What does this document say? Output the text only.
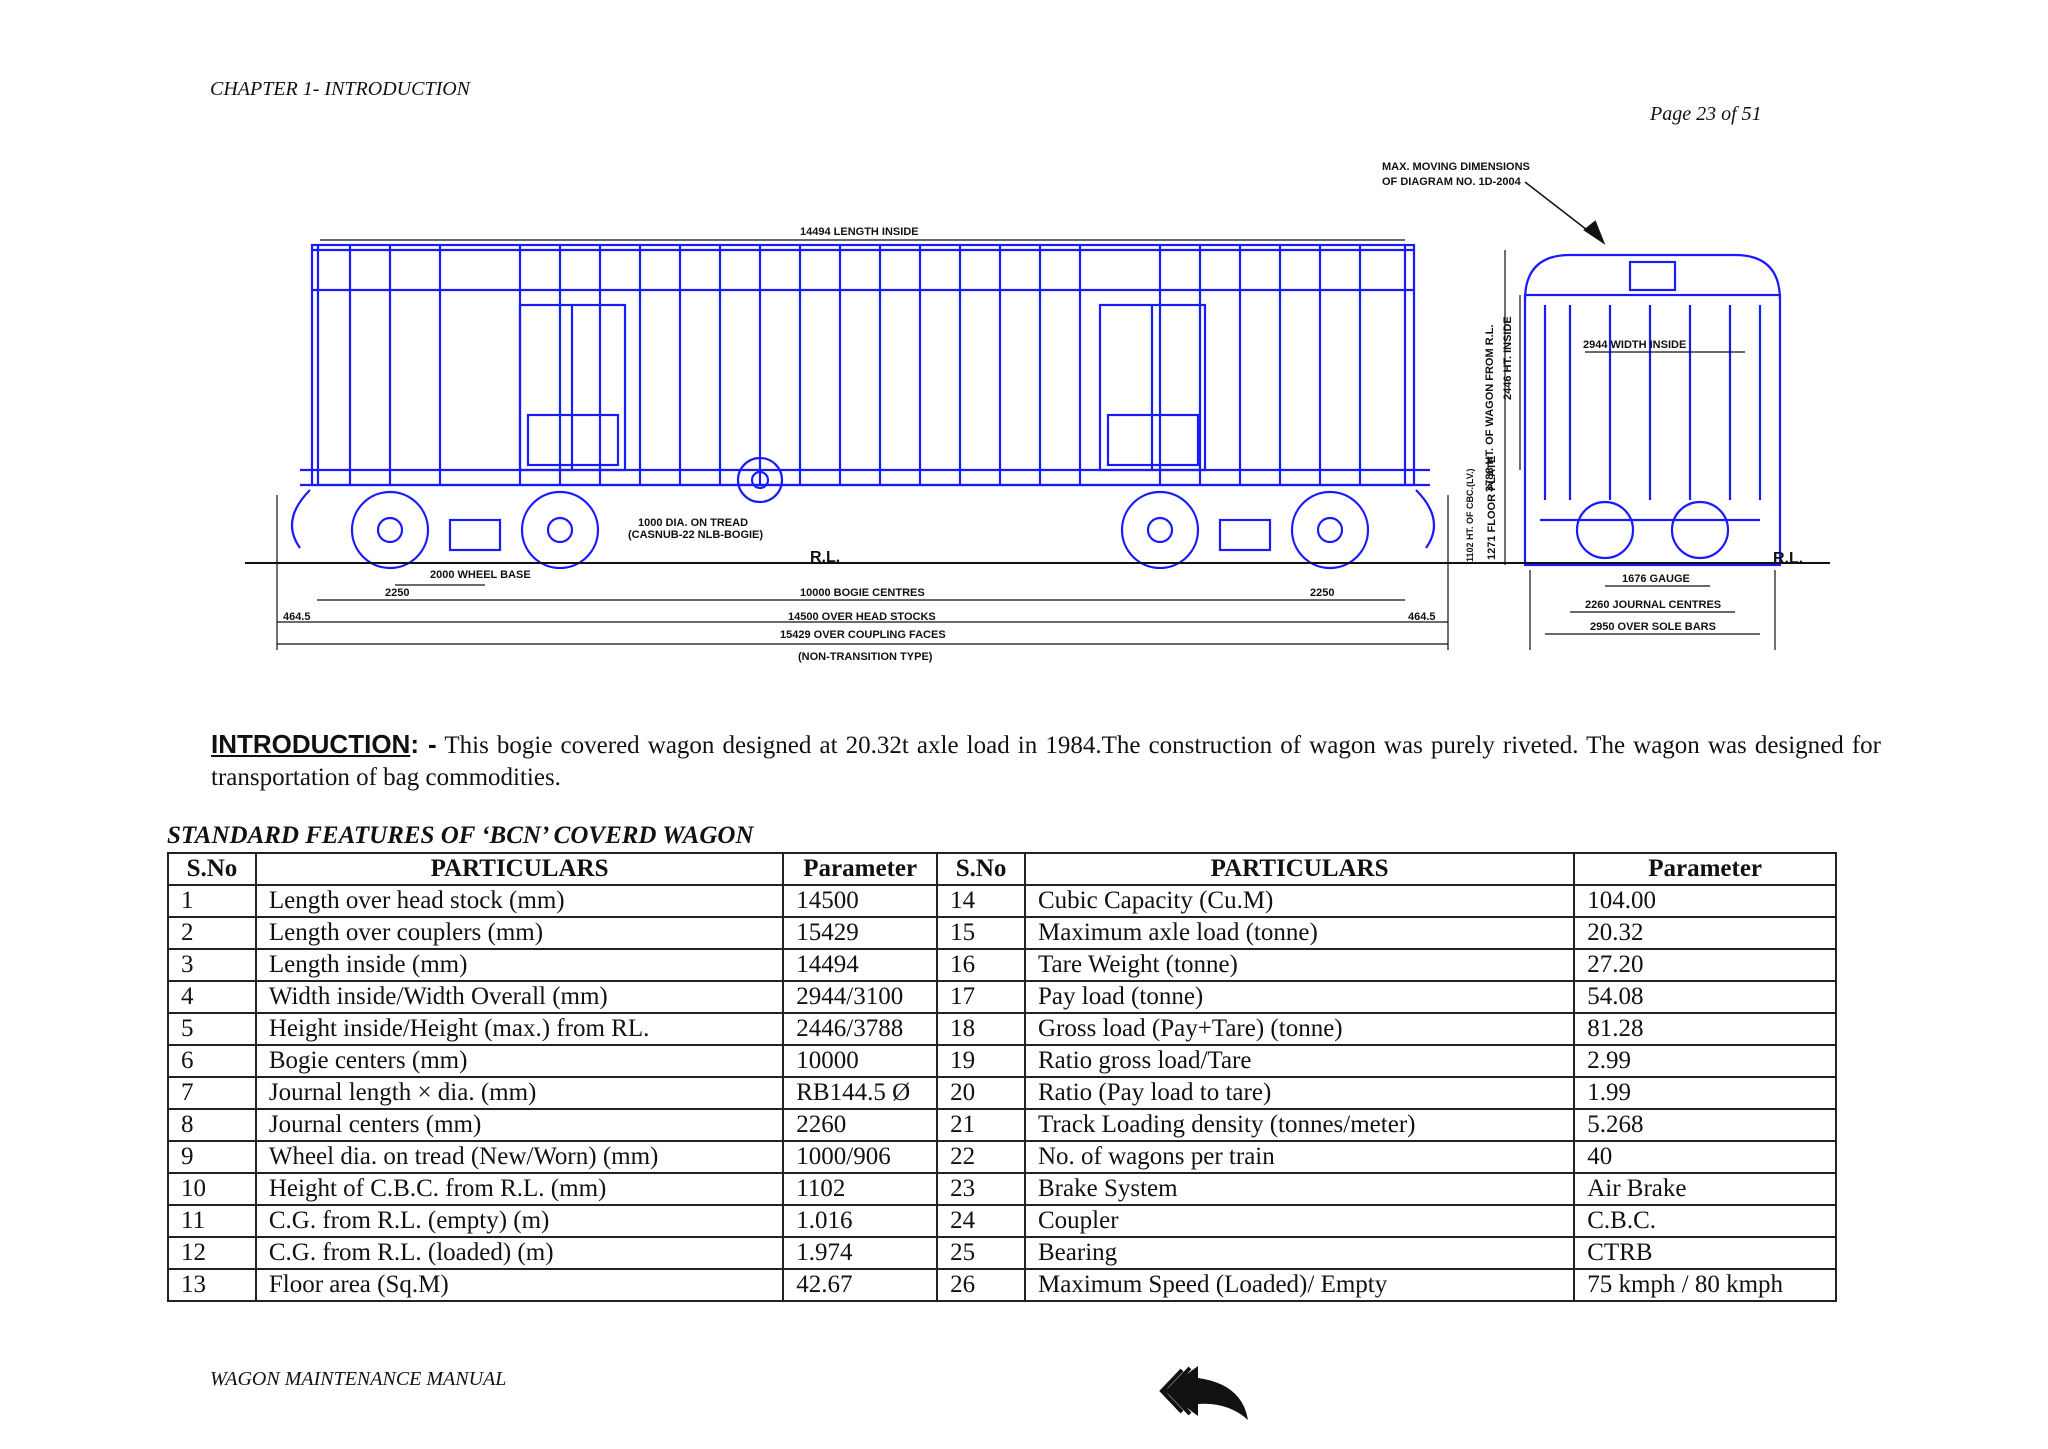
CHAPTER 1- INTRODUCTION
Page 23 of 51
MAX. MOVING DIMENSIONS
OF DIAGRAM NO. 1D-2004
14494 LENGTH INSIDE
1000 DIA. ON TREAD
(CASNUB-22 NLB-BOGIE)
R.L.	R.L.
2000 WHEEL BASE
2250	10000 BOGIE CENTRES	2250
464.5	14500 OVER HEAD STOCKS	464.5
15429 OVER COUPLING FACES
(NON-TRANSITION TYPE)
2944 WIDTH INSIDE
1676 GAUGE
2260 JOURNAL CENTRES
2950 OVER SOLE BARS
3788 HT. OF WAGON FROM R.L. 2446 HT. INSIDE
1102 HT. OF CBC.(LV.) 1271 FLOOR PLATE
INTRODUCTION: - This bogie covered wagon designed at 20.32t axle load in 1984.The construction of wagon was purely riveted. The wagon was designed for transportation of bag commodities.
STANDARD FEATURES OF ‘BCN’ COVERD WAGON
S.No	PARTICULARS	Parameter	S.No	PARTICULARS	Parameter
1	Length over head stock (mm)	14500	14	Cubic Capacity (Cu.M)	104.00
2	Length over couplers (mm)	15429	15	Maximum axle load (tonne)	20.32
3	Length inside (mm)	14494	16	Tare Weight (tonne)	27.20
4	Width inside/Width Overall (mm)	2944/3100	17	Pay load (tonne)	54.08
5	Height inside/Height (max.) from RL.	2446/3788	18	Gross load (Pay+Tare) (tonne)	81.28
6	Bogie centers (mm)	10000	19	Ratio gross load/Tare	2.99
7	Journal length × dia. (mm)	RB144.5 Ø	20	Ratio (Pay load to tare)	1.99
8	Journal centers (mm)	2260	21	Track Loading density (tonnes/meter)	5.268
9	Wheel dia. on tread (New/Worn) (mm)	1000/906	22	No. of wagons per train	40
10	Height of C.B.C. from R.L. (mm)	1102	23	Brake System	Air Brake
11	C.G. from R.L. (empty) (m)	1.016	24	Coupler	C.B.C.
12	C.G. from R.L. (loaded) (m)	1.974	25	Bearing	CTRB
13	Floor area (Sq.M)	42.67	26	Maximum Speed (Loaded)/ Empty	75 kmph / 80 kmph
WAGON MAINTENANCE MANUAL
